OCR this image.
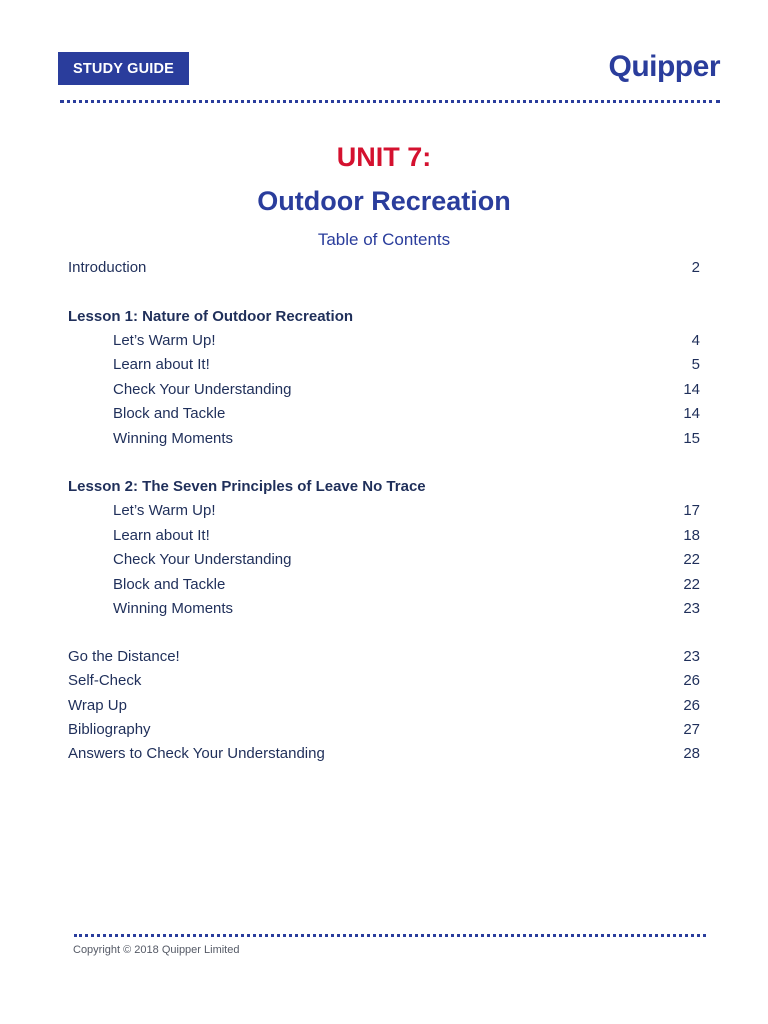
STUDY GUIDE	Quipper
UNIT 7:
Outdoor Recreation
Table of Contents
Introduction	2
Lesson 1: Nature of Outdoor Recreation
Let’s Warm Up!	4
Learn about It!	5
Check Your Understanding	14
Block and Tackle	14
Winning Moments	15
Lesson 2: The Seven Principles of Leave No Trace
Let’s Warm Up!	17
Learn about It!	18
Check Your Understanding	22
Block and Tackle	22
Winning Moments	23
Go the Distance!	23
Self-Check	26
Wrap Up	26
Bibliography	27
Answers to Check Your Understanding	28
Copyright © 2018 Quipper Limited
